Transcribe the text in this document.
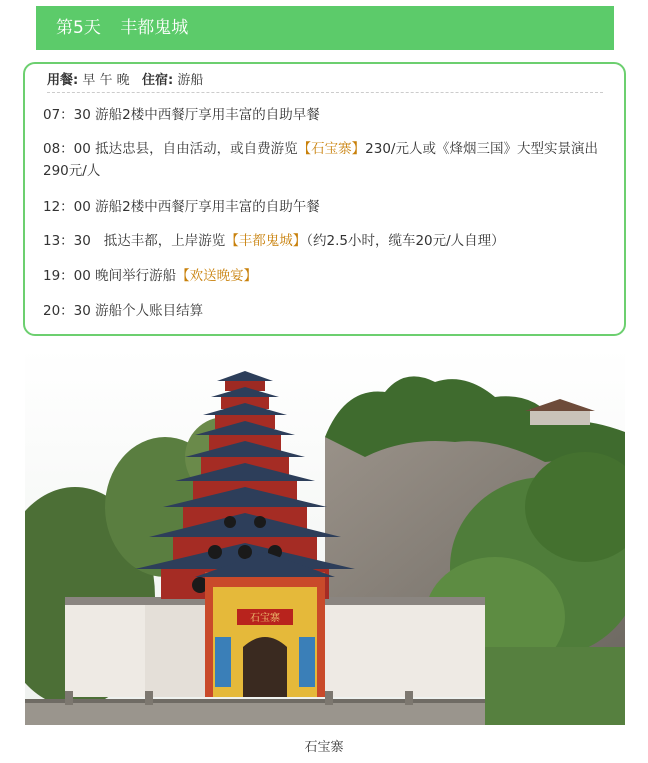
第5天 丰都鬼城
用餐: 早 午 晚 住宿: 游船
07：30 游船2楼中西餐厅享用丰富的自助早餐
08：00 抵达忠县，自由活动，或自费游览【石宝寨】230/元人或《烽烟三国》大型实景演出290元/人
12：00 游船2楼中西餐厅享用丰富的自助午餐
13：30 抵达丰都，上岸游览【丰都鬼城】（约2.5小时，缆车20元/人自理）
19：00 晚间举行游船【欢送晚宴】
20：30 游船个人账目结算
石宝寨
石宝寨
